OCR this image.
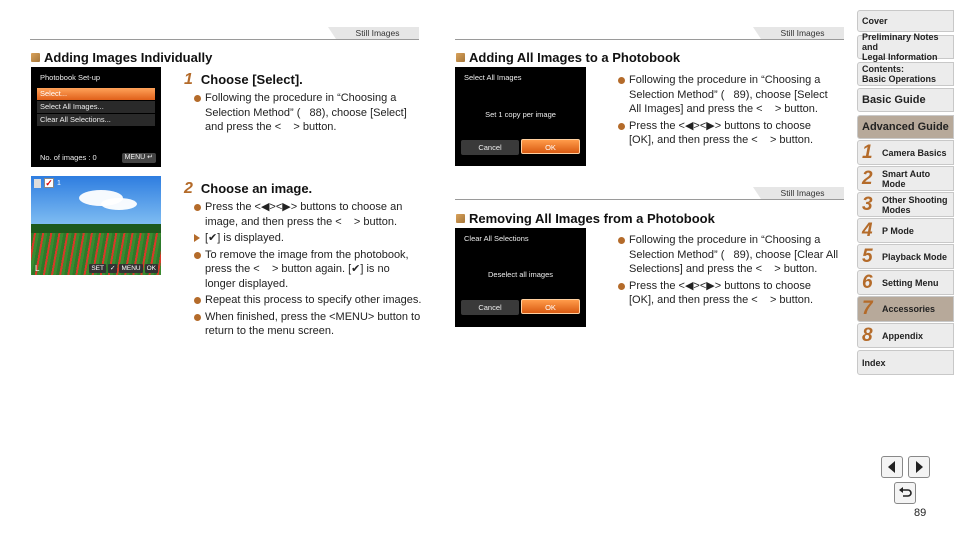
Still Images
Adding Images Individually
Photobook Set-up
Select...
Select All Images...
Clear All Selections...
No. of images : 0	MENU ↵
1 Choose [Select].

Following the procedure in “Choosing a Selection Method” (   88), choose [Select] and press the <    > button.

✓ 1
L	SET ✓ MENU OK
2 Choose an image.

Press the <◀><▶> buttons to choose an image, and then press the <    > button.

[✔] is displayed.

To remove the image from the photobook, press the <    > button again. [✔] is no longer displayed.

Repeat this process to specify other images.

When finished, press the <MENU> button to return to the menu screen.

Still Images
Adding All Images to a Photobook
Select All Images
Set 1 copy per image
Cancel	OK

Following the procedure in “Choosing a Selection Method” (   89), choose [Select All Images] and press the <    > button.

Press the <◀><▶> buttons to choose [OK], and then press the <    > button.

Still Images
Removing All Images from a Photobook
Clear All Selections
Deselect all images
Cancel	OK

Following the procedure in “Choosing a Selection Method” (   89), choose [Clear All Selections] and press the <    > button.

Press the <◀><▶> buttons to choose [OK], and then press the <    > button.

Cover
Preliminary Notes and
Legal Information
Contents:
Basic Operations
Basic Guide
Advanced Guide
1	Camera Basics
2	Smart Auto Mode
3	Other Shooting Modes
4	P Mode
5	Playback Mode
6	Setting Menu
7	Accessories
8	Appendix
Index
89
